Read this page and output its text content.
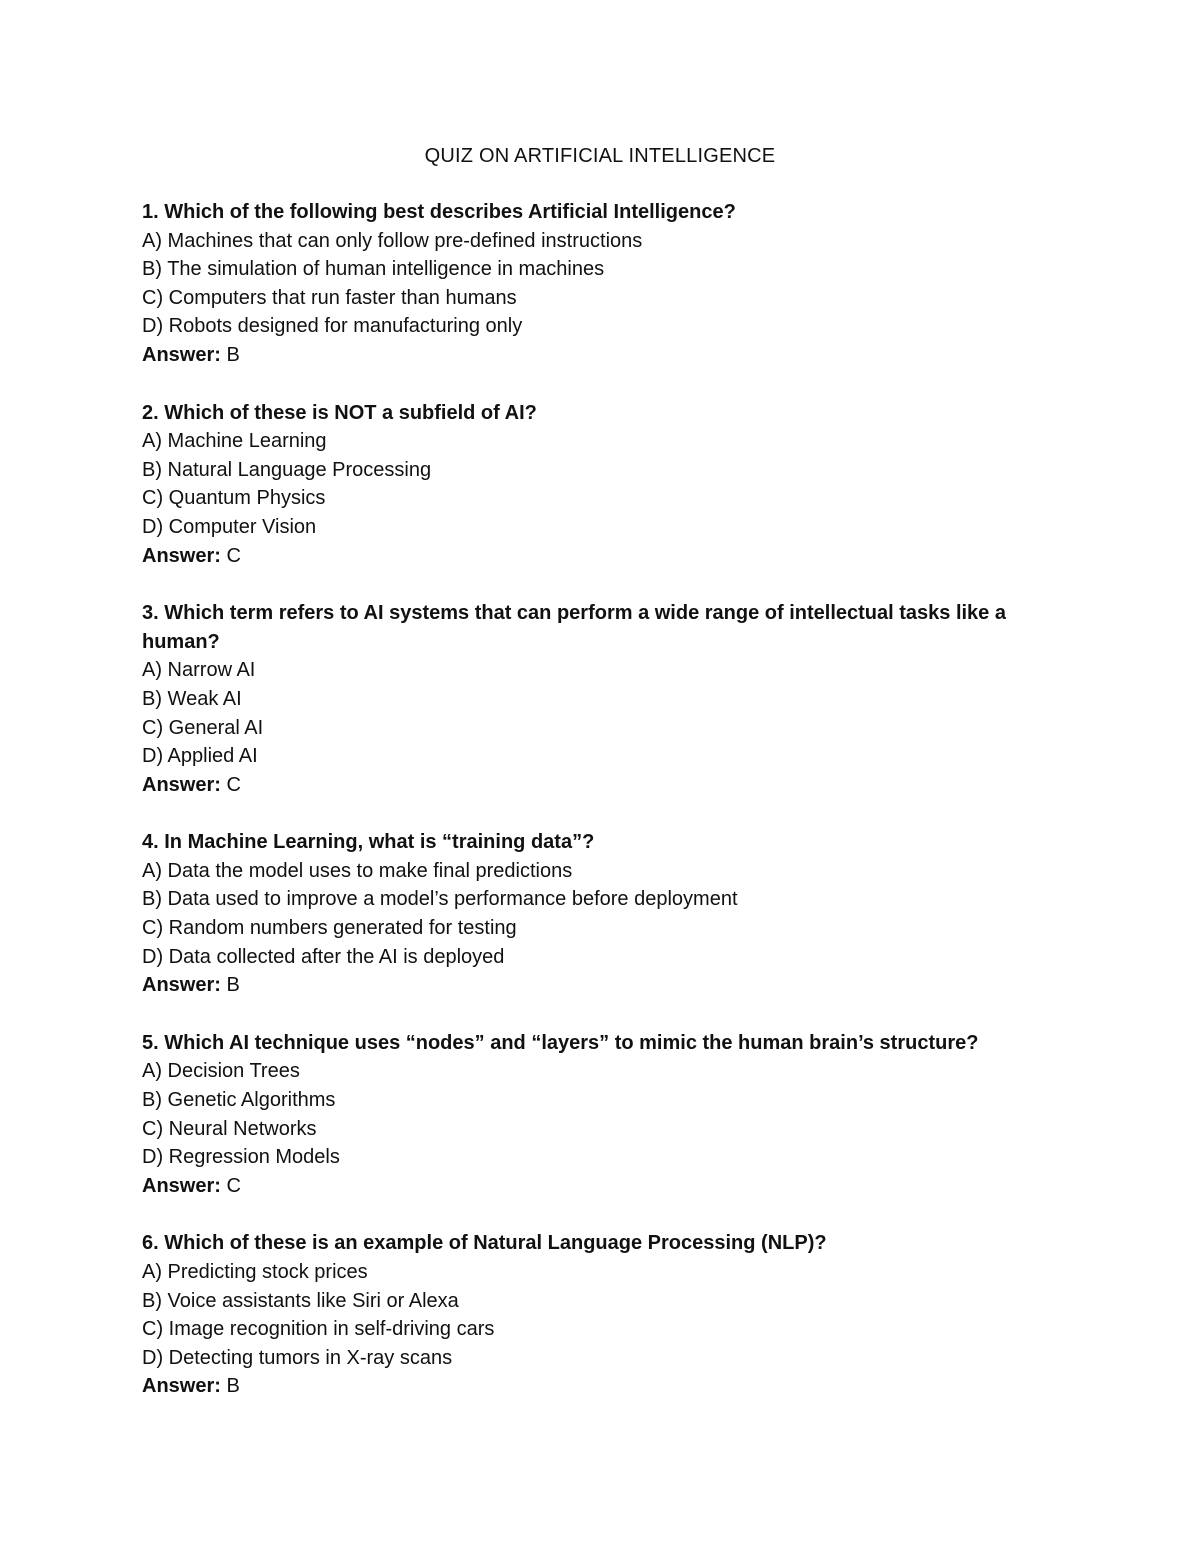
QUIZ ON ARTIFICIAL INTELLIGENCE
1. Which of the following best describes Artificial Intelligence?
A) Machines that can only follow pre-defined instructions
B) The simulation of human intelligence in machines
C) Computers that run faster than humans
D) Robots designed for manufacturing only
Answer: B
2. Which of these is NOT a subfield of AI?
A) Machine Learning
B) Natural Language Processing
C) Quantum Physics
D) Computer Vision
Answer: C
3. Which term refers to AI systems that can perform a wide range of intellectual tasks like a human?
A) Narrow AI
B) Weak AI
C) General AI
D) Applied AI
Answer: C
4. In Machine Learning, what is “training data”?
A) Data the model uses to make final predictions
B) Data used to improve a model’s performance before deployment
C) Random numbers generated for testing
D) Data collected after the AI is deployed
Answer: B
5. Which AI technique uses “nodes” and “layers” to mimic the human brain’s structure?
A) Decision Trees
B) Genetic Algorithms
C) Neural Networks
D) Regression Models
Answer: C
6. Which of these is an example of Natural Language Processing (NLP)?
A) Predicting stock prices
B) Voice assistants like Siri or Alexa
C) Image recognition in self-driving cars
D) Detecting tumors in X-ray scans
Answer: B
